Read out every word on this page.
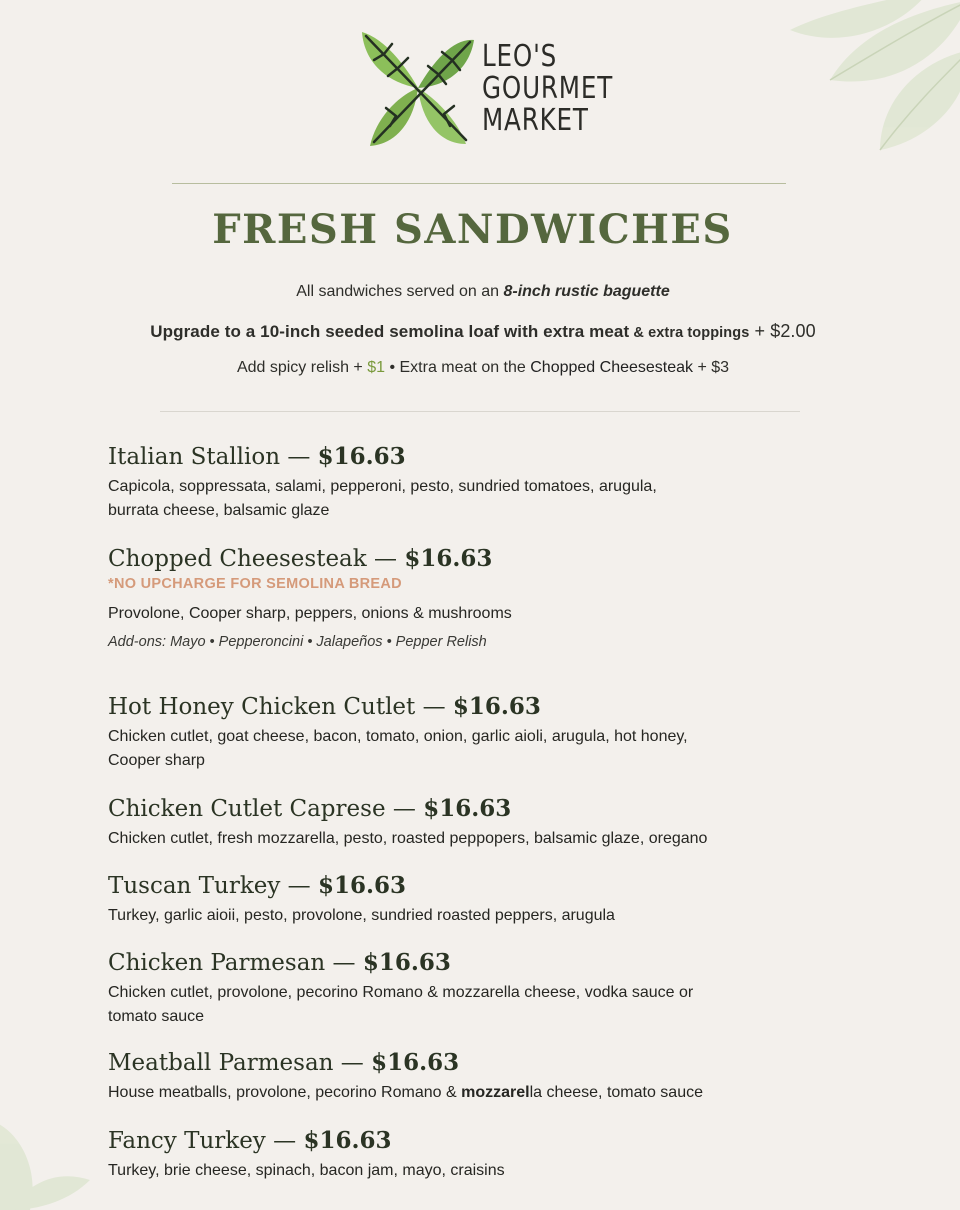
LEO'S
GOURMET
MARKET
FRESH SANDWICHES
All sandwiches served on an 8-inch rustic baguette
Upgrade to a 10-inch seeded semolina loaf with extra meat & extra toppings + $2.00
Add spicy relish + $1 • Extra meat on the Chopped Cheesesteak + $3
Italian Stallion — $16.63
Capicola, soppressata, salami, pepperoni, pesto, sundried tomatoes, arugula,
burrata cheese, balsamic glaze
Chopped Cheesesteak — $16.63
*NO UPCHARGE FOR SEMOLINA BREAD
Provolone, Cooper sharp, peppers, onions & mushrooms
Add-ons: Mayo • Pepperoncini • Jalapeños • Pepper Relish
Hot Honey Chicken Cutlet — $16.63
Chicken cutlet, goat cheese, bacon, tomato, onion, garlic aioli, arugula, hot honey,
Cooper sharp
Chicken Cutlet Caprese — $16.63
Chicken cutlet, fresh mozzarella, pesto, roasted peppopers, balsamic glaze, oregano
Tuscan Turkey — $16.63
Turkey, garlic aioii, pesto, provolone, sundried roasted peppers, arugula
Chicken Parmesan — $16.63
Chicken cutlet, provolone, pecorino Romano & mozzarella cheese, vodka sauce or
tomato sauce
Meatball Parmesan — $16.63
House meatballs, provolone, pecorino Romano & mozzarella cheese, tomato sauce
Fancy Turkey — $16.63
Turkey, brie cheese, spinach, bacon jam, mayo, craisins
